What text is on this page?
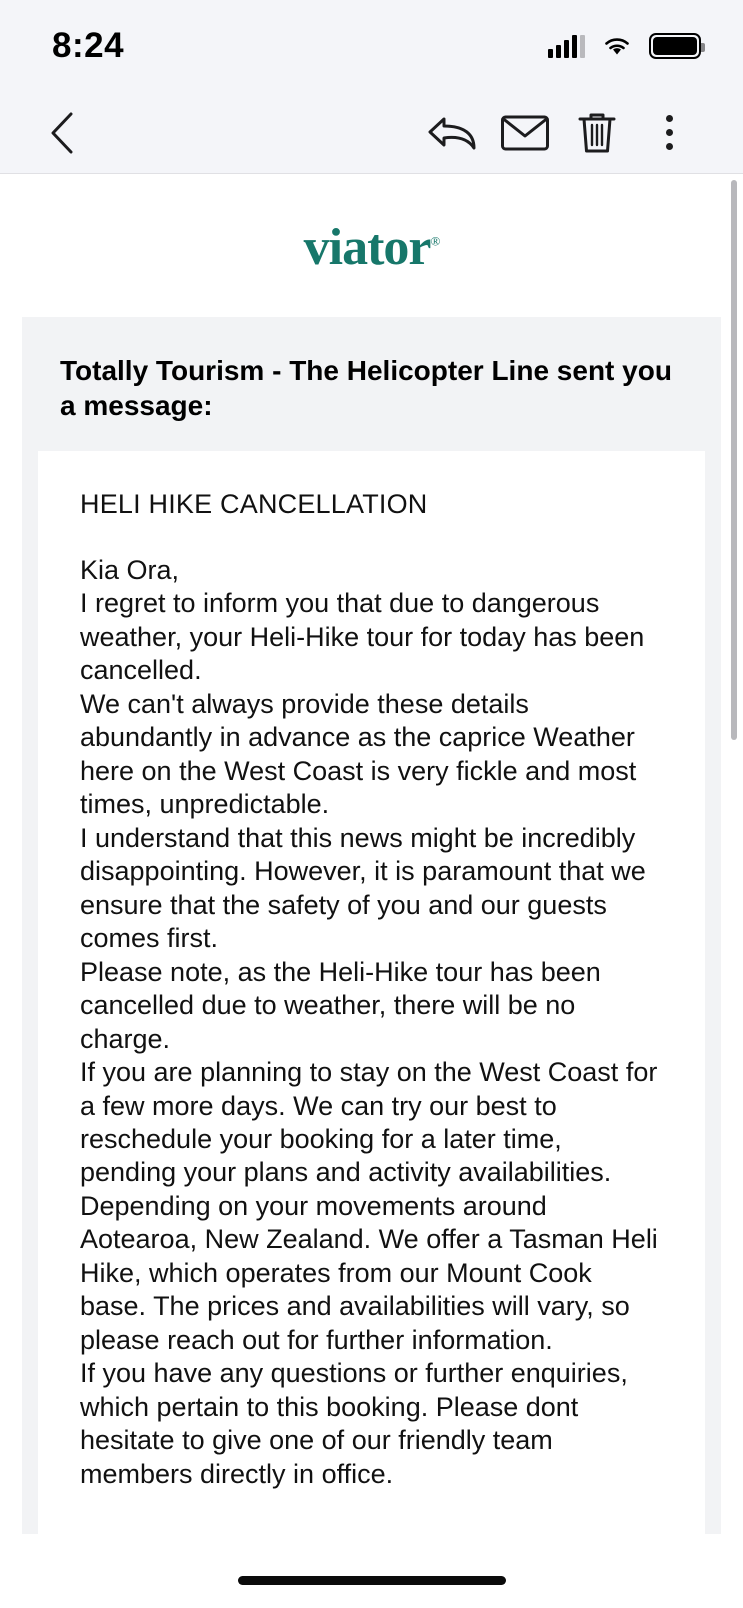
8:24
viator®
Totally Tourism - The Helicopter Line sent you a message:
HELI HIKE CANCELLATION

Kia Ora,

I regret to inform you that due to dangerous weather, your Heli-Hike tour for today has been cancelled.

We can't always provide these details abundantly in advance as the caprice Weather here on the West Coast is very fickle and most times, unpredictable.

I understand that this news might be incredibly disappointing. However, it is paramount that we ensure that the safety of you and our guests comes first.

Please note, as the Heli-Hike tour has been cancelled due to weather, there will be no charge.

If you are planning to stay on the West Coast for a few more days. We can try our best to reschedule your booking for a later time, pending your plans and activity availabilities.

Depending on your movements around Aotearoa, New Zealand. We offer a Tasman Heli Hike, which operates from our Mount Cook base. The prices and availabilities will vary, so please reach out for further information.

If you have any questions or further enquiries, which pertain to this booking. Please dont hesitate to give one of our friendly team members directly in office.
